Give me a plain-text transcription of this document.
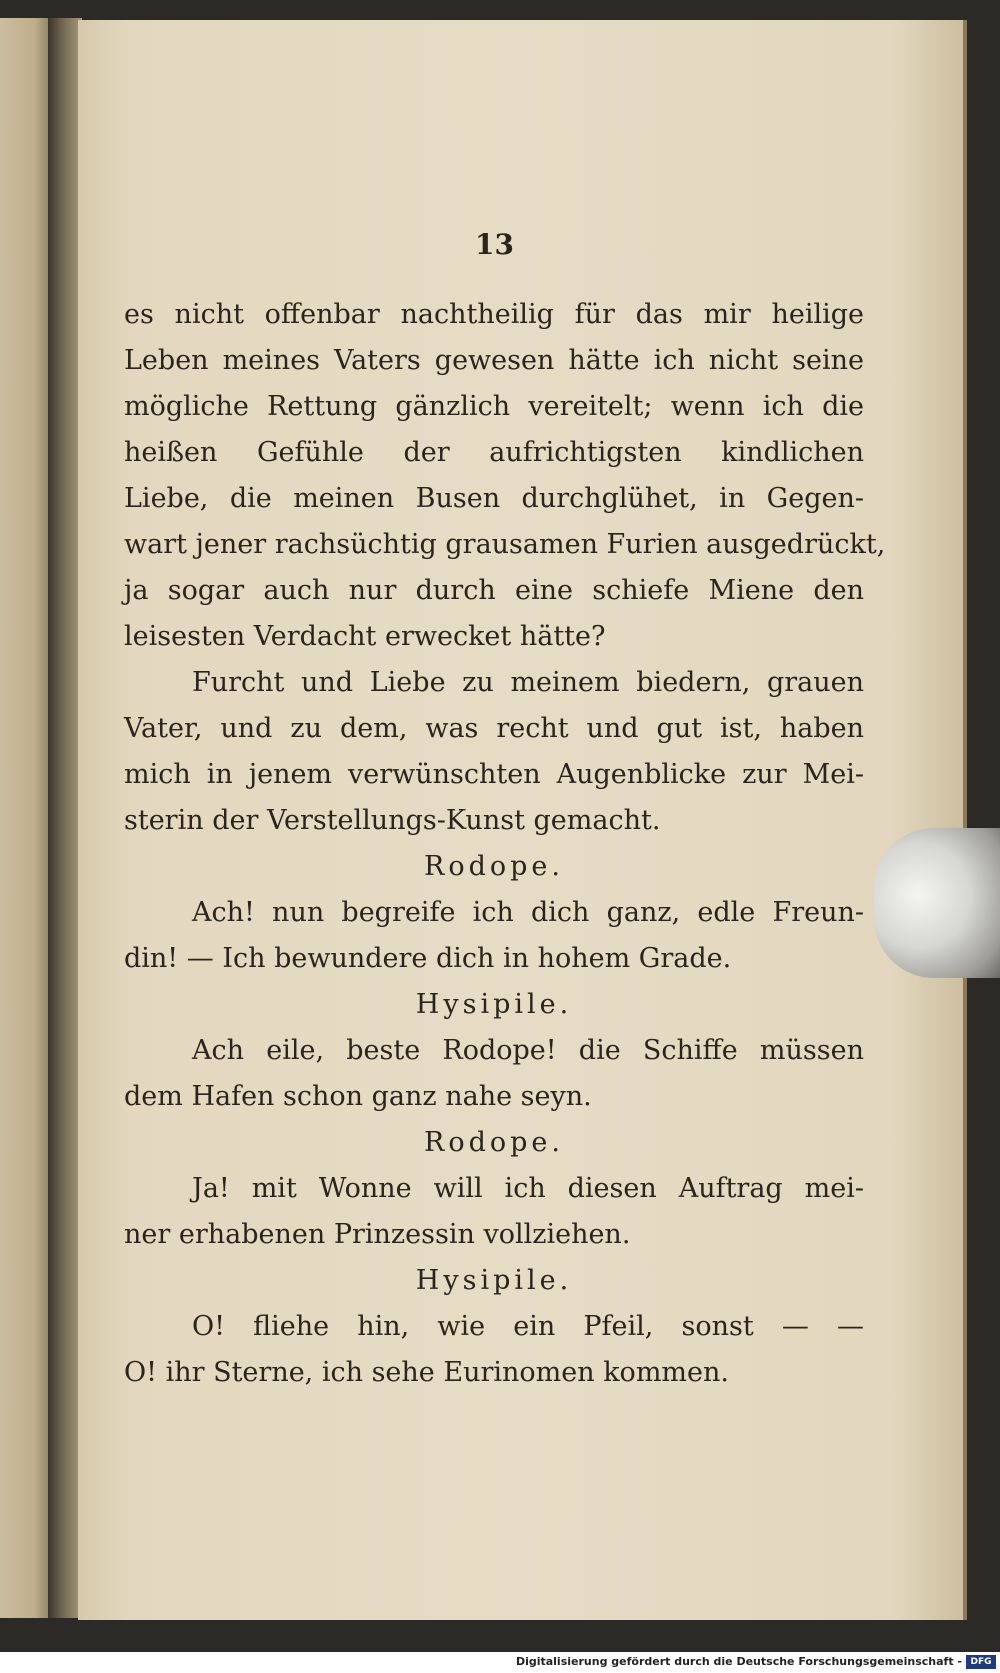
13
es nicht offenbar nachtheilig für das mir heilige
Leben meines Vaters gewesen hätte ich nicht seine
mögliche Rettung gänzlich vereitelt; wenn ich die
heißen Gefühle der aufrichtigsten kindlichen
Liebe, die meinen Busen durchglühet, in Gegen-
wart jener rachsüchtig grausamen Furien ausgedrückt,
ja sogar auch nur durch eine schiefe Miene den
leisesten Verdacht erwecket hätte?
Furcht und Liebe zu meinem biedern, grauen
Vater, und zu dem, was recht und gut ist, haben
mich in jenem verwünschten Augenblicke zur Mei-
sterin der Verstellungs-Kunst gemacht.
Rodope.
Ach! nun begreife ich dich ganz, edle Freun-
din! — Ich bewundere dich in hohem Grade.
Hysipile.
Ach eile, beste Rodope! die Schiffe müssen
dem Hafen schon ganz nahe seyn.
Rodope.
Ja! mit Wonne will ich diesen Auftrag mei-
ner erhabenen Prinzessin vollziehen.
Hysipile.
O! fliehe hin, wie ein Pfeil, sonst — —
O! ihr Sterne, ich sehe Eurinomen kommen.
Digitalisierung gefördert durch die Deutsche Forschungsgemeinschaft - DFG
